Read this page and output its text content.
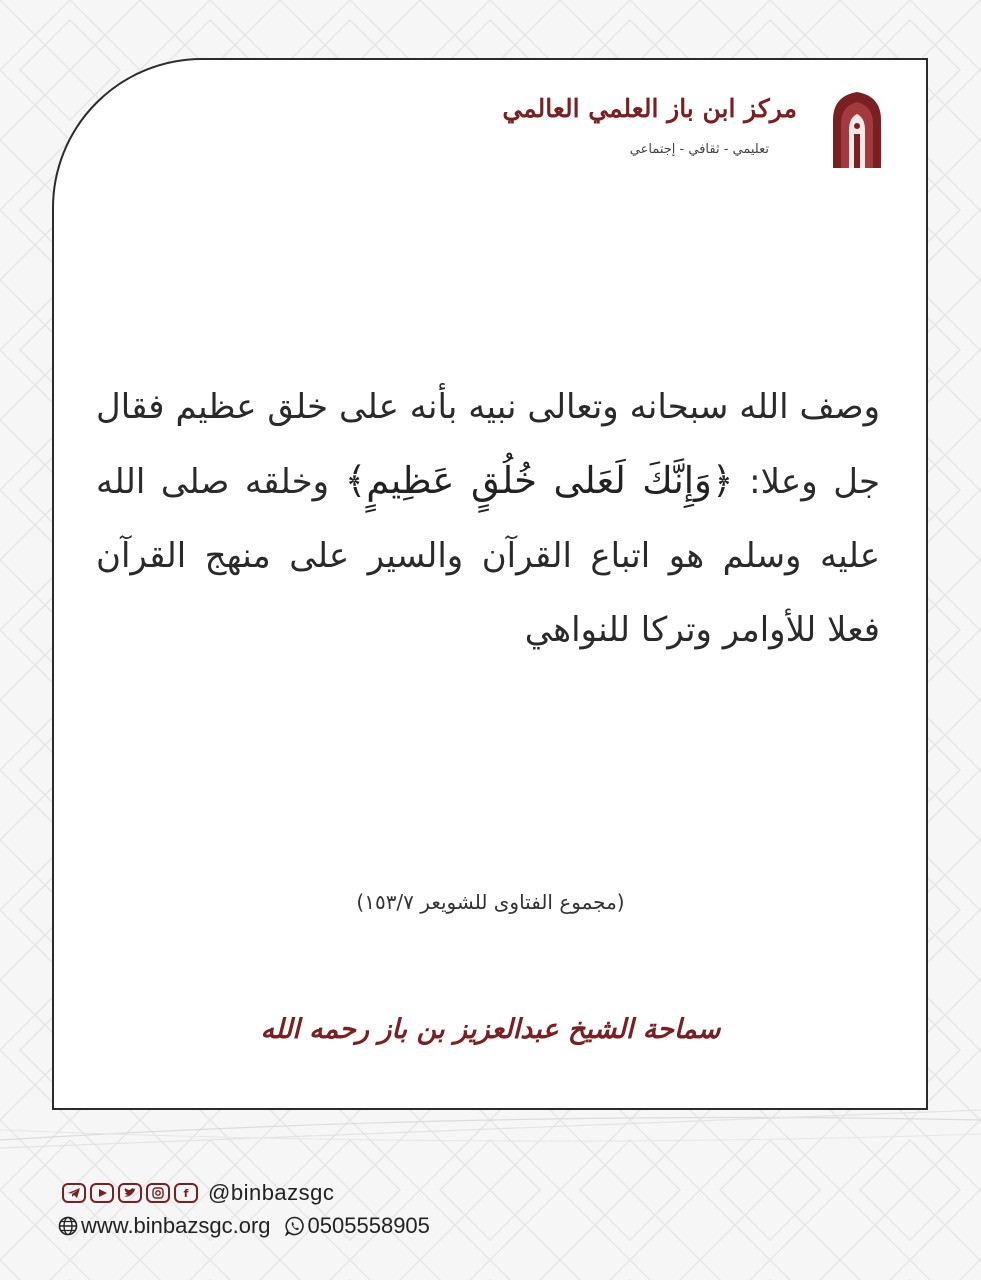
مركز ابن باز العلمي العالمي
تعليمي - ثقافي - إجتماعي
وصف الله سبحانه وتعالى نبيه بأنه على خلق عظيم فقال جل وعلا: ﴿وَإِنَّكَ لَعَلى خُلُقٍ عَظِيمٍ﴾ وخلقه صلى الله عليه وسلم هو اتباع القرآن والسير على منهج القرآن فعلا للأوامر وتركا للنواهي
(مجموع الفتاوى للشويعر ١٥٣/٧)
سماحة الشيخ عبدالعزيز بن باز رحمه الله
f @binbazsgc
www.binbazsgc.org 0505558905
